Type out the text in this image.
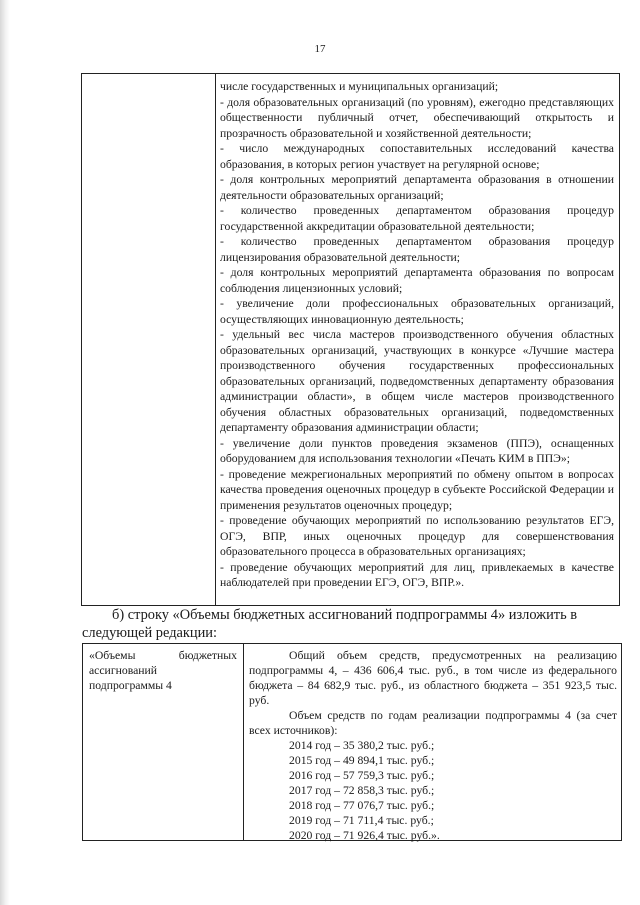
17

числе государственных и муниципальных организаций;

- доля образовательных организаций (по уровням), ежегодно представляющих общественности публичный отчет, обеспечивающий открытость и прозрачность образовательной и хозяйственной деятельности;

- число международных сопоставительных исследований качества образования, в которых регион участвует на регулярной основе;

- доля контрольных мероприятий департамента образования в отношении деятельности образовательных организаций;

- количество проведенных департаментом образования процедур государственной аккредитации образовательной деятельности;

- количество проведенных департаментом образования процедур лицензирования образовательной деятельности;

- доля контрольных мероприятий департамента образования по вопросам соблюдения лицензионных условий;

- увеличение доли профессиональных образовательных организаций, осуществляющих инновационную деятельность;

- удельный вес числа мастеров производственного обучения областных образовательных организаций, участвующих в конкурсе «Лучшие мастера производственного обучения государственных профессиональных образовательных организаций, подведомственных департаменту образования администрации области», в общем числе мастеров производственного обучения областных образовательных организаций, подведомственных департаменту образования администрации области;

- увеличение доли пунктов проведения экзаменов (ППЭ), оснащенных оборудованием для использования технологии «Печать КИМ в ППЭ»;

- проведение межрегиональных мероприятий по обмену опытом в вопросах качества проведения оценочных процедур в субъекте Российской Федерации и применения результатов оценочных процедур;

- проведение обучающих мероприятий по использованию результатов ЕГЭ, ОГЭ, ВПР, иных оценочных процедур для совершенствования образовательного процесса в образовательных организациях;

- проведение обучающих мероприятий для лиц, привлекаемых в качестве наблюдателей при проведении ЕГЭ, ОГЭ, ВПР.».

б) строку «Объемы бюджетных ассигнований подпрограммы 4» изложить в
следующей редакции:
«Объемы	бюджетных
ассигнований
подпрограммы 4

Общий объем средств, предусмотренных на реализацию подпрограммы 4, – 436 606,4 тыс. руб., в том числе из федерального бюджета – 84 682,9 тыс. руб., из областного бюджета – 351 923,5 тыс. руб.

Объем средств по годам реализации подпрограммы 4 (за счет всех источников):

2014 год – 35 380,2 тыс. руб.;
2015 год – 49 894,1 тыс. руб.;
2016 год – 57 759,3 тыс. руб.;
2017 год – 72 858,3 тыс. руб.;
2018 год – 77 076,7 тыс. руб.;
2019 год – 71 711,4 тыс. руб.;
2020 год – 71 926,4 тыс. руб.».
